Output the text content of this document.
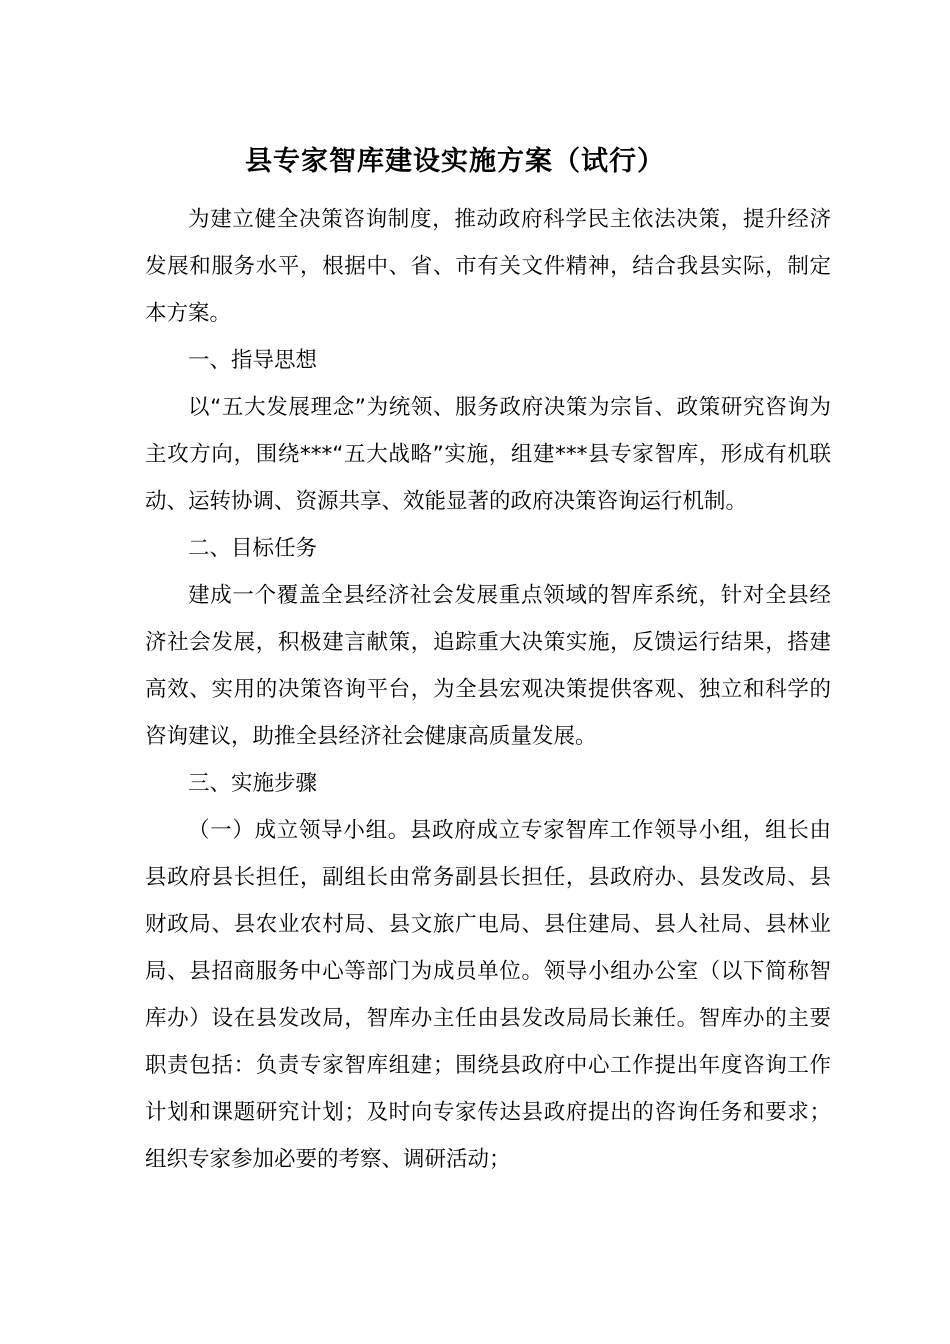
县专家智库建设实施方案（试行）

为建立健全决策咨询制度，推动政府科学民主依法决策，提升经济发展和服务水平，根据中、省、市有关文件精神，结合我县实际，制定本方案。

一、指导思想

以“五大发展理念”为统领、服务政府决策为宗旨、政策研究咨询为主攻方向，围绕***“五大战略”实施，组建***县专家智库，形成有机联动、运转协调、资源共享、效能显著的政府决策咨询运行机制。

二、目标任务

建成一个覆盖全县经济社会发展重点领域的智库系统，针对全县经济社会发展，积极建言献策，追踪重大决策实施，反馈运行结果，搭建高效、实用的决策咨询平台，为全县宏观决策提供客观、独立和科学的咨询建议，助推全县经济社会健康高质量发展。

三、实施步骤

（一）成立领导小组。县政府成立专家智库工作领导小组，组长由县政府县长担任，副组长由常务副县长担任，县政府办、县发改局、县财政局、县农业农村局、县文旅广电局、县住建局、县人社局、县林业局、县招商服务中心等部门为成员单位。领导小组办公室（以下简称智库办）设在县发改局，智库办主任由县发改局局长兼任。智库办的主要职责包括：负责专家智库组建；围绕县政府中心工作提出年度咨询工作计划和课题研究计划；及时向专家传达县政府提出的咨询任务和要求；组织专家参加必要的考察、调研活动；
